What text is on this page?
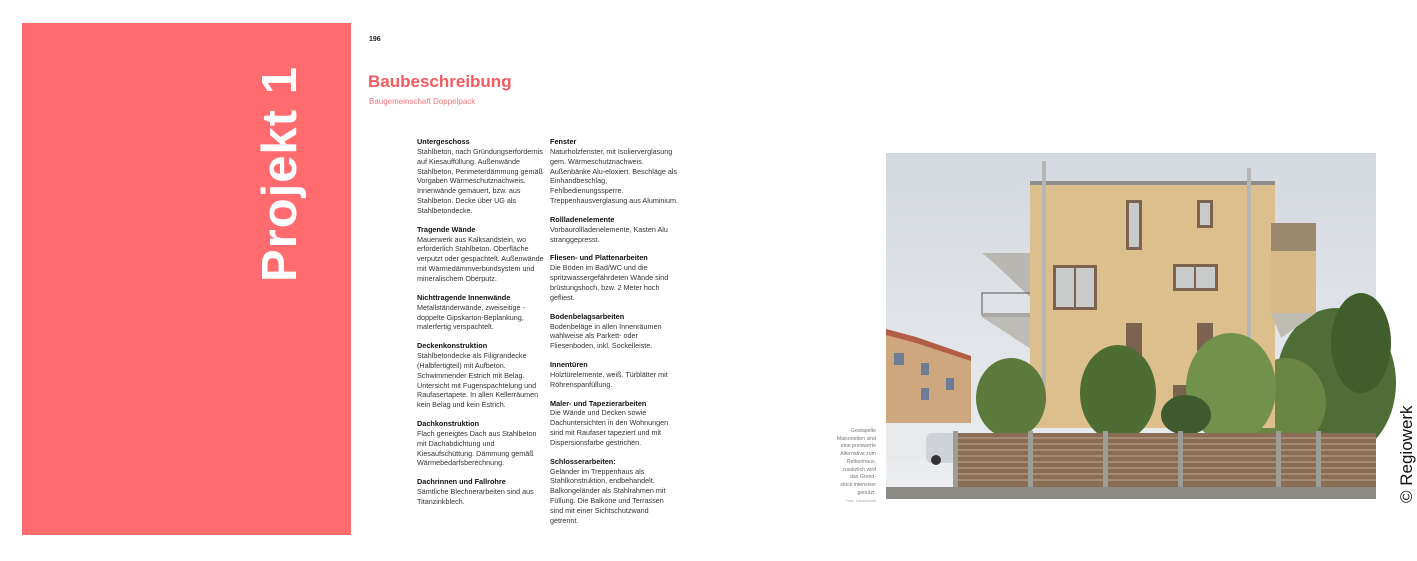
Projekt 1
196
Baubeschreibung
Baugemeinschaft Doppelpack
Untergeschoss

Stahlbeton, nach Gründungserfordernis auf Kiesauffüllung. Außenwände Stahlbeton, Perimeterdämmung gemäß Vorgaben Wärmeschutznachweis. Innenwände gemauert, bzw. aus Stahlbeton. Decke über UG als Stahlbetondecke.

Tragende Wände

Mauerwerk aus Kalksandstein, wo erforderlich Stahlbeton. Oberfläche verputzt oder gespachtelt. Außenwände mit Wärmedämmverbundsystem und mineralischem Oberputz.

Nichttragende Innenwände

Metallständerwände, zweiseitige - doppelte Gipskarton-Beplankung, malerfertig verspachtelt.

Deckenkonstruktion

Stahlbetondecke als Filigrandecke (Halbfertigteil) mit Aufbeton. Schwimmender Estrich mit Belag. Untersicht mit Fugenspachtelung und Raufasertapete. In allen Kellerräumen kein Belag und kein Estrich.

Dachkonstruktion

Flach geneigtes Dach aus Stahlbeton mit Dachabdichtung und Kiesaufschüttung. Dämmung gemäß Wärmebedarfsberechnung.

Dachrinnen und Fallrohre

Sämtliche Blechnerarbeiten sind aus Titanzinkblech.

Fenster

Naturholzfenster, mit Isolierverglasung gem. Wärmeschutznachweis. Außenbänke Alu-eloxiert. Beschläge als Einhandbeschlag, Fehlbedienungssperre. Treppenhausverglasung aus Aluminium.

Rollladenelemente

Vorbaurollladenelemente, Kasten Alu stranggepresst.

Fliesen- und Plattenarbeiten

Die Böden im Bad/WC und die spritzwassergefährdeten Wände sind brüstungshoch, bzw. 2 Meter hoch gefliest.

Bodenbelagsarbeiten

Bodenbeläge in allen Innenräumen wahlweise als Parkett- oder Fliesenboden, inkl. Sockelleiste.

Innentüren

Holztürelemente, weiß. Türblätter mit Röhrenspanfüllung.

Maler- und Tapezierarbeiten

Die Wände und Decken sowie Dachuntersichten in den Wohnungen sind mit Raufaser tapeziert und mit Dispersionsfarbe gestrichen.

Schlosserarbeiten:

Geländer im Treppenhaus als Stahlkonstruktion, endbehandelt. Balkongeländer als Stahlrahmen mit Füllung. Die Balkone und Terrassen sind mit einer Sichtschutzwand getrennt.

Gestapelte
Maisonetten sind
eine preiswerte
Alternative zum
Reihenhaus,
zusätzlich wird
das Grund-
stück intensiver
genutzt.
Foto: Urbanbiotik	© Regiowerk
